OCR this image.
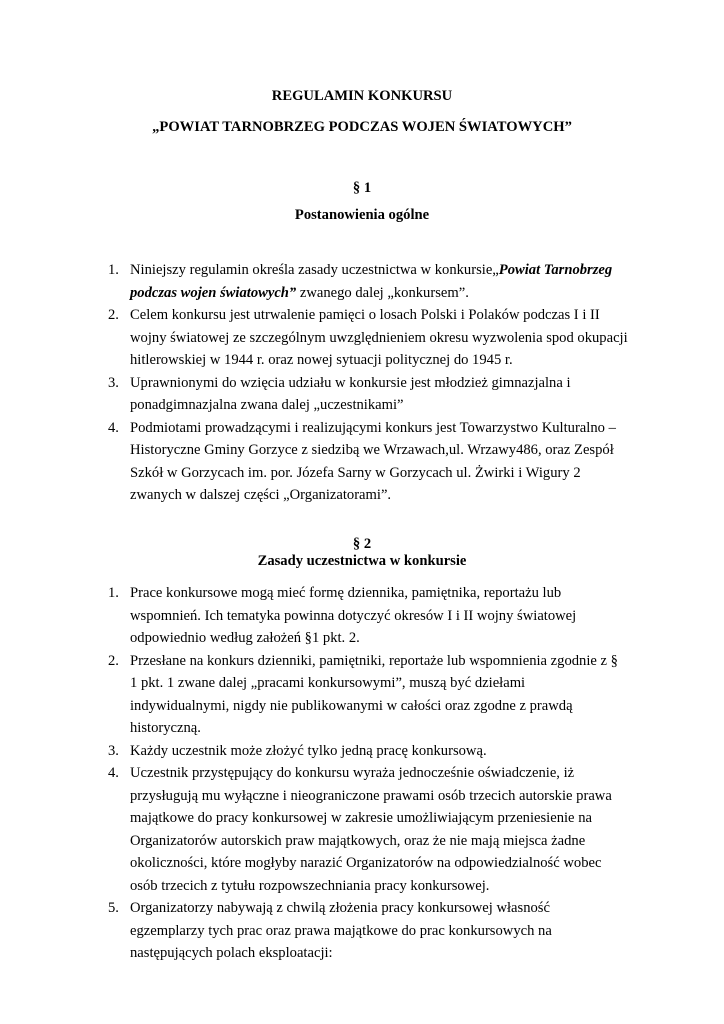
REGULAMIN KONKURSU
„POWIAT TARNOBRZEG PODCZAS WOJEN ŚWIATOWYCH”
§ 1
Postanowienia ogólne
1. Niniejszy regulamin określa zasady uczestnictwa w konkursie„Powiat Tarnobrzeg podczas wojen światowych” zwanego dalej „konkursem”.
2. Celem konkursu jest utrwalenie pamięci o losach Polski i Polaków podczas I i II wojny światowej ze szczególnym uwzględnieniem okresu wyzwolenia spod okupacji hitlerowskiej w 1944 r. oraz nowej sytuacji politycznej do 1945 r.
3. Uprawnionymi do wzięcia udziału w konkursie jest młodzież gimnazjalna i ponadgimnazjalna zwana dalej „uczestnikami”
4. Podmiotami prowadzącymi i realizującymi konkurs jest Towarzystwo Kulturalno – Historyczne Gminy Gorzyce z siedzibą we Wrzawach,ul. Wrzawy486, oraz Zespół Szkół w Gorzycach im. por. Józefa Sarny w Gorzycach ul. Żwirki i Wigury 2 zwanych w dalszej części „Organizatorami”.
§ 2
Zasady uczestnictwa w konkursie
1. Prace konkursowe mogą mieć formę dziennika, pamiętnika, reportażu lub wspomnień. Ich tematyka powinna dotyczyć okresów I i II wojny światowej odpowiednio według założeń §1 pkt. 2.
2. Przesłane na konkurs dzienniki, pamiętniki, reportaże lub wspomnienia zgodnie z § 1 pkt. 1 zwane dalej „pracami konkursowymi”, muszą być dziełami indywidualnymi, nigdy nie publikowanymi w całości oraz zgodne z prawdą historyczną.
3. Każdy uczestnik może złożyć tylko jedną pracę konkursową.
4. Uczestnik przystępujący do konkursu wyraża jednocześnie oświadczenie, iż przysługują mu wyłączne i nieograniczone prawami osób trzecich autorskie prawa majątkowe do pracy konkursowej w zakresie umożliwiającym przeniesienie na Organizatorów autorskich praw majątkowych, oraz że nie mają miejsca żadne okoliczności, które mogłyby narazić Organizatorów na odpowiedzialność wobec osób trzecich z tytułu rozpowszechniania pracy konkursowej.
5. Organizatorzy nabywają z chwilą złożenia pracy konkursowej własność egzemplarzy tych prac oraz prawa majątkowe do prac konkursowych na następujących polach eksploatacji:
